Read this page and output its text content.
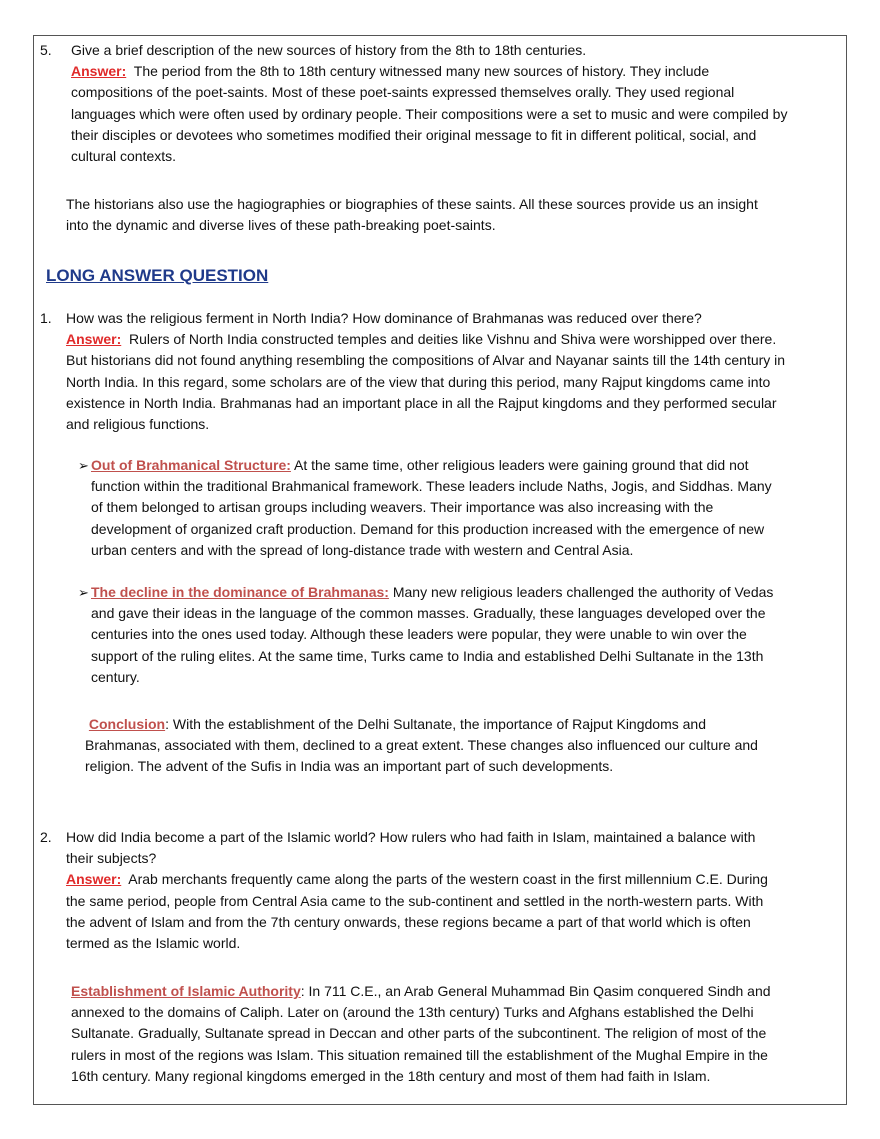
5. Give a brief description of the new sources of history from the 8th to 18th centuries.
Answer: The period from the 8th to 18th century witnessed many new sources of history. They include compositions of the poet-saints. Most of these poet-saints expressed themselves orally. They used regional languages which were often used by ordinary people. Their compositions were a set to music and were compiled by their disciples or devotees who sometimes modified their original message to fit in different political, social, and cultural contexts.
The historians also use the hagiographies or biographies of these saints. All these sources provide us an insight into the dynamic and diverse lives of these path-breaking poet-saints.
LONG ANSWER QUESTION
1. How was the religious ferment in North India? How dominance of Brahmanas was reduced over there?
Answer: Rulers of North India constructed temples and deities like Vishnu and Shiva were worshipped over there. But historians did not found anything resembling the compositions of Alvar and Nayanar saints till the 14th century in North India. In this regard, some scholars are of the view that during this period, many Rajput kingdoms came into existence in North India. Brahmanas had an important place in all the Rajput kingdoms and they performed secular and religious functions.
➢ Out of Brahmanical Structure: At the same time, other religious leaders were gaining ground that did not function within the traditional Brahmanical framework. These leaders include Naths, Jogis, and Siddhas. Many of them belonged to artisan groups including weavers. Their importance was also increasing with the development of organized craft production. Demand for this production increased with the emergence of new urban centers and with the spread of long-distance trade with western and Central Asia.
➢ The decline in the dominance of Brahmanas: Many new religious leaders challenged the authority of Vedas and gave their ideas in the language of the common masses. Gradually, these languages developed over the centuries into the ones used today. Although these leaders were popular, they were unable to win over the support of the ruling elites. At the same time, Turks came to India and established Delhi Sultanate in the 13th century.
Conclusion: With the establishment of the Delhi Sultanate, the importance of Rajput Kingdoms and Brahmanas, associated with them, declined to a great extent. These changes also influenced our culture and religion. The advent of the Sufis in India was an important part of such developments.
2. How did India become a part of the Islamic world? How rulers who had faith in Islam, maintained a balance with their subjects?
Answer: Arab merchants frequently came along the parts of the western coast in the first millennium C.E. During the same period, people from Central Asia came to the sub-continent and settled in the north-western parts. With the advent of Islam and from the 7th century onwards, these regions became a part of that world which is often termed as the Islamic world.
Establishment of Islamic Authority: In 711 C.E., an Arab General Muhammad Bin Qasim conquered Sindh and annexed to the domains of Caliph. Later on (around the 13th century) Turks and Afghans established the Delhi Sultanate. Gradually, Sultanate spread in Deccan and other parts of the subcontinent. The religion of most of the rulers in most of the regions was Islam. This situation remained till the establishment of the Mughal Empire in the 16th century. Many regional kingdoms emerged in the 18th century and most of them had faith in Islam.
